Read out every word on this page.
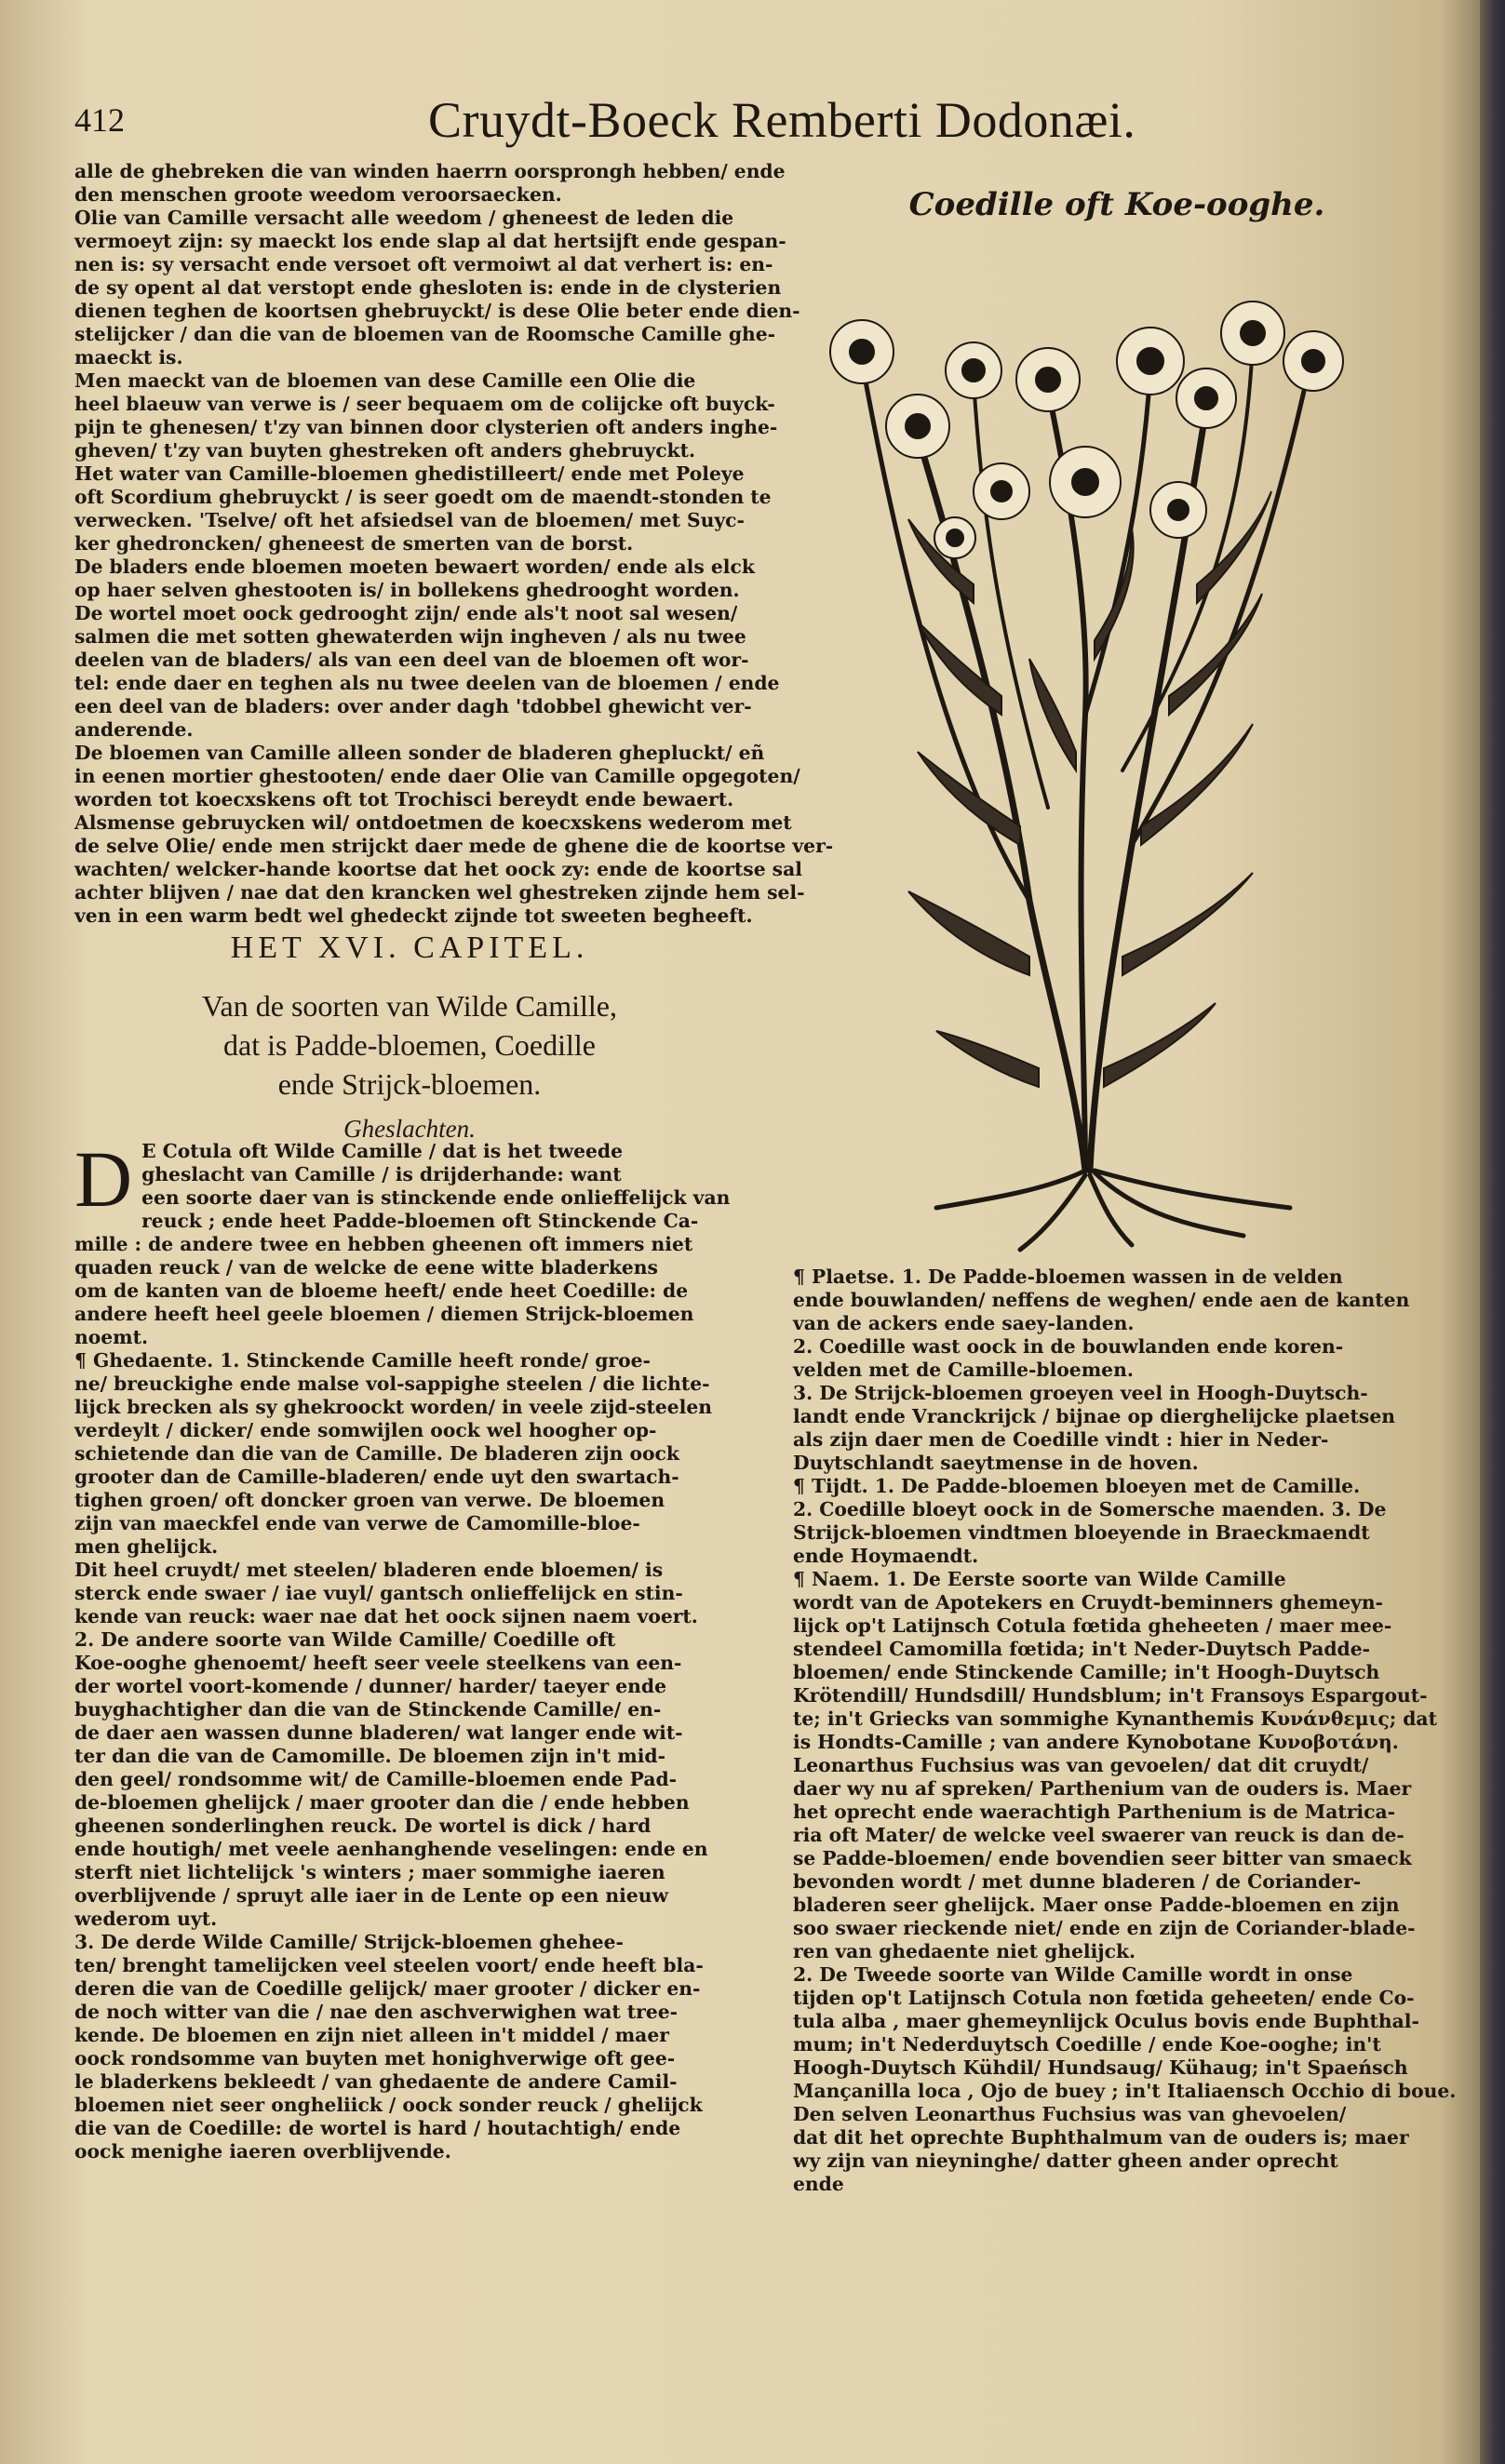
412	Cruydt-Boeck Remberti Dodonæi.

alle de ghebreken die van winden haerrn oorsprongh hebben/ ende
den menschen groote weedom veroorsaecken.
Olie van Camille versacht alle weedom / gheneest de leden die
vermoeyt zijn: sy maeckt los ende slap al dat hertsijft ende gespan-
nen is: sy versacht ende versoet oft vermoiwt al dat verhert is: en-
de sy opent al dat verstopt ende ghesloten is: ende in de clysterien
dienen teghen de koortsen ghebruyckt/ is dese Olie beter ende dien-
stelijcker / dan die van de bloemen van de Roomsche Camille ghe-
maeckt is.
Men maeckt van de bloemen van dese Camille een Olie die
heel blaeuw van verwe is / seer bequaem om de colijcke oft buyck-
pijn te ghenesen/ t'zy van binnen door clysterien oft anders inghe-
gheven/ t'zy van buyten ghestreken oft anders ghebruyckt.
Het water van Camille-bloemen ghedistilleert/ ende met Poleye
oft Scordium ghebruyckt / is seer goedt om de maendt-stonden te
verwecken. 'Tselve/ oft het afsiedsel van de bloemen/ met Suyc-
ker ghedroncken/ gheneest de smerten van de borst.
De bladers ende bloemen moeten bewaert worden/ ende als elck
op haer selven ghestooten is/ in bollekens ghedrooght worden.
De wortel moet oock gedrooght zijn/ ende als't noot sal wesen/
salmen die met sotten ghewaterden wijn ingheven / als nu twee
deelen van de bladers/ als van een deel van de bloemen oft wor-
tel: ende daer en teghen als nu twee deelen van de bloemen / ende
een deel van de bladers: over ander dagh 'tdobbel ghewicht ver-
anderende.
De bloemen van Camille alleen sonder de bladeren ghepluckt/ eñ
in eenen mortier ghestooten/ ende daer Olie van Camille opgegoten/
worden tot koecxskens oft tot Trochisci bereydt ende bewaert.
Alsmense gebruycken wil/ ontdoetmen de koecxskens wederom met
de selve Olie/ ende men strijckt daer mede de ghene die de koortse ver-
wachten/ welcker-hande koortse dat het oock zy: ende de koortse sal
achter blijven / nae dat den krancken wel ghestreken zijnde hem sel-
ven in een warm bedt wel ghedeckt zijnde tot sweeten begheeft.

HET XVI. CAPITEL.

Van de soorten van Wilde Camille,
dat is Padde-bloemen, Coedille
ende Strijck-bloemen.

Gheslachten.

D E Cotula oft Wilde Camille / dat is het tweede
gheslacht van Camille / is drijderhande: want
een soorte daer van is stinckende ende onlieffelijck van
reuck ; ende heet Padde-bloemen oft Stinckende Ca-
mille : de andere twee en hebben gheenen oft immers niet
quaden reuck / van de welcke de eene witte bladerkens
om de kanten van de bloeme heeft/ ende heet Coedille: de
andere heeft heel geele bloemen / diemen Strijck-bloemen
noemt.
¶ Ghedaente. 1. Stinckende Camille heeft ronde/ groe-
ne/ breuckighe ende malse vol-sappighe steelen / die lichte-
lijck brecken als sy ghekroockt worden/ in veele zijd-steelen
verdeylt / dicker/ ende somwijlen oock wel hoogher op-
schietende dan die van de Camille. De bladeren zijn oock
grooter dan de Camille-bladeren/ ende uyt den swartach-
tighen groen/ oft doncker groen van verwe. De bloemen
zijn van maeckfel ende van verwe de Camomille-bloe-
men ghelijck.
Dit heel cruydt/ met steelen/ bladeren ende bloemen/ is
sterck ende swaer / iae vuyl/ gantsch onlieffelijck en stin-
kende van reuck: waer nae dat het oock sijnen naem voert.
2. De andere soorte van Wilde Camille/ Coedille oft
Koe-ooghe ghenoemt/ heeft seer veele steelkens van een-
der wortel voort-komende / dunner/ harder/ taeyer ende
buyghachtigher dan die van de Stinckende Camille/ en-
de daer aen wassen dunne bladeren/ wat langer ende wit-
ter dan die van de Camomille. De bloemen zijn in't mid-
den geel/ rondsomme wit/ de Camille-bloemen ende Pad-
de-bloemen ghelijck / maer grooter dan die / ende hebben
gheenen sonderlinghen reuck. De wortel is dick / hard
ende houtigh/ met veele aenhanghende veselingen: ende en
sterft niet lichtelijck 's winters ; maer sommighe iaeren
overblijvende / spruyt alle iaer in de Lente op een nieuw
wederom uyt.
3. De derde Wilde Camille/ Strijck-bloemen ghehee-
ten/ brenght tamelijcken veel steelen voort/ ende heeft bla-
deren die van de Coedille gelijck/ maer grooter / dicker en-
de noch witter van die / nae den aschverwighen wat tree-
kende. De bloemen en zijn niet alleen in't middel / maer
oock rondsomme van buyten met honighverwige oft gee-
le bladerkens bekleedt / van ghedaente de andere Camil-
bloemen niet seer ongheliick / oock sonder reuck / ghelijck
die van de Coedille: de wortel is hard / houtachtigh/ ende
oock menighe iaeren overblijvende.

Coedille oft Koe-ooghe.

¶ Plaetse. 1. De Padde-bloemen wassen in de velden
ende bouwlanden/ neffens de weghen/ ende aen de kanten
van de ackers ende saey-landen.
2. Coedille wast oock in de bouwlanden ende koren-
velden met de Camille-bloemen.
3. De Strijck-bloemen groeyen veel in Hoogh-Duytsch-
landt ende Vranckrijck / bijnae op dierghelijcke plaetsen
als zijn daer men de Coedille vindt : hier in Neder-
Duytschlandt saeytmense in de hoven.
¶ Tijdt. 1. De Padde-bloemen bloeyen met de Camille.
2. Coedille bloeyt oock in de Somersche maenden. 3. De
Strijck-bloemen vindtmen bloeyende in Braeckmaendt
ende Hoymaendt.
¶ Naem. 1. De Eerste soorte van Wilde Camille
wordt van de Apotekers en Cruydt-beminners ghemeyn-
lijck op't Latijnsch Cotula fœtida gheheeten / maer mee-
stendeel Camomilla fœtida; in't Neder-Duytsch Padde-
bloemen/ ende Stinckende Camille; in't Hoogh-Duytsch
Krötendill/ Hundsdill/ Hundsblum; in't Fransoys Espargout-
te; in't Griecks van sommighe Kynanthemis Κυνάνθεμις; dat
is Hondts-Camille ; van andere Kynobotane Κυνοβοτάνη.
Leonarthus Fuchsius was van gevoelen/ dat dit cruydt/
daer wy nu af spreken/ Parthenium van de ouders is. Maer
het oprecht ende waerachtigh Parthenium is de Matrica-
ria oft Mater/ de welcke veel swaerer van reuck is dan de-
se Padde-bloemen/ ende bovendien seer bitter van smaeck
bevonden wordt / met dunne bladeren / de Coriander-
bladeren seer ghelijck. Maer onse Padde-bloemen en zijn
soo swaer rieckende niet/ ende en zijn de Coriander-blade-
ren van ghedaente niet ghelijck.
2. De Tweede soorte van Wilde Camille wordt in onse
tijden op't Latijnsch Cotula non fœtida geheeten/ ende Co-
tula alba , maer ghemeynlijck Oculus bovis ende Buphthal-
mum; in't Nederduytsch Coedille / ende Koe-ooghe; in't
Hoogh-Duytsch Kühdil/ Hundsaug/ Kühaug; in't Spaeńsch
Mançanilla loca , Ojo de buey ; in't Italiaensch Occhio di boue.
Den selven Leonarthus Fuchsius was van ghevoelen/
dat dit het oprechte Buphthalmum van de ouders is; maer
wy zijn van nieyninghe/ datter gheen ander oprecht
ende
